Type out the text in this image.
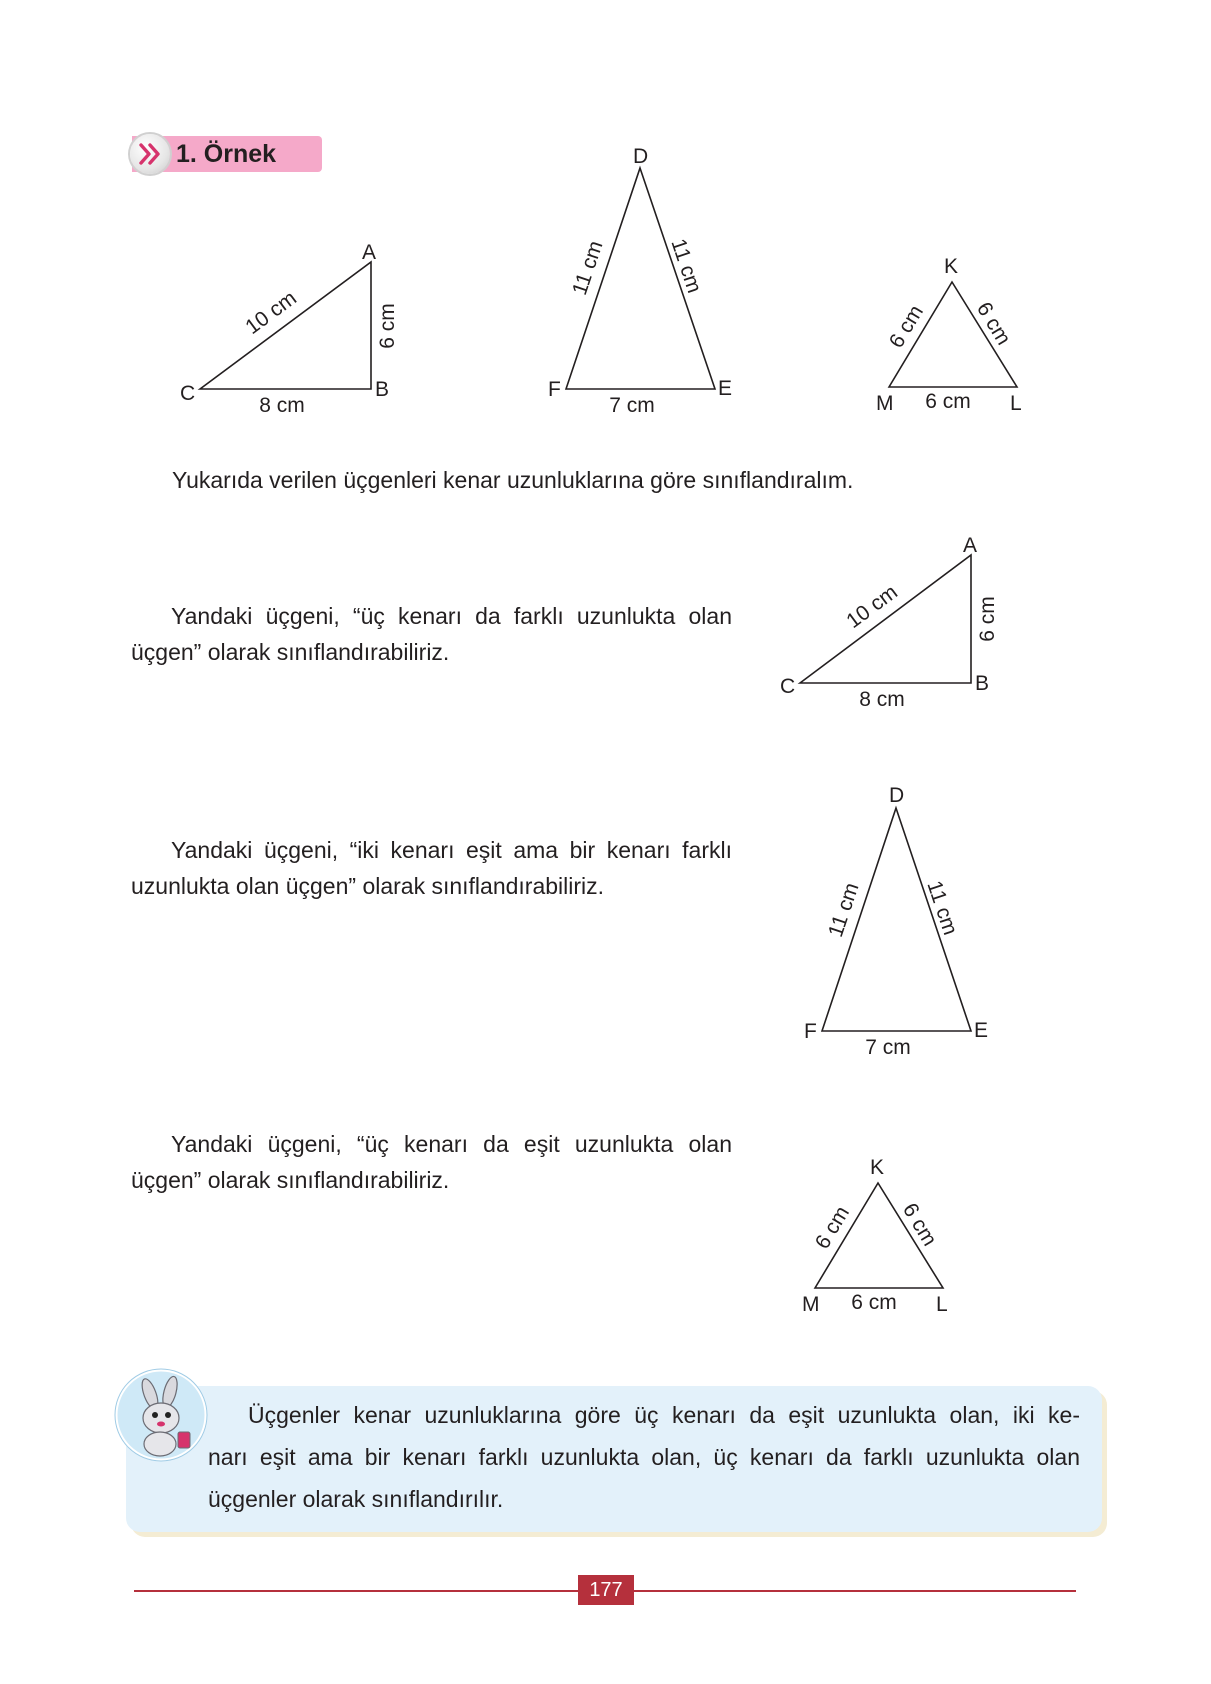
1. Örnek
A
B
C
10 cm	6 cm
8 cm
D
E
F
11 cm	11 cm
7 cm
K
L
M
6 cm 6 cm
6 cm
Yukarıda verilen üçgenleri kenar uzunluklarına göre sınıflandıralım.
Yandaki üçgeni, “üç kenarı da farklı uzunlukta olan
üçgen” olarak sınıflandırabiliriz.
A
B
C
10 cm	6 cm
8 cm
Yandaki üçgeni, “iki kenarı eşit ama bir kenarı farklı
uzunlukta olan üçgen” olarak sınıflandırabiliriz.
D
E
F
11 cm	11 cm
7 cm
Yandaki üçgeni, “üç kenarı da eşit uzunlukta olan
üçgen” olarak sınıflandırabiliriz.	K
L
M
6 cm 6 cm
6 cm
Üçgenler kenar uzunluklarına göre üç kenarı da eşit uzunlukta olan, iki ke-
narı eşit ama bir kenarı farklı uzunlukta olan, üç kenarı da farklı uzunlukta olan
üçgenler olarak sınıflandırılır.
177
